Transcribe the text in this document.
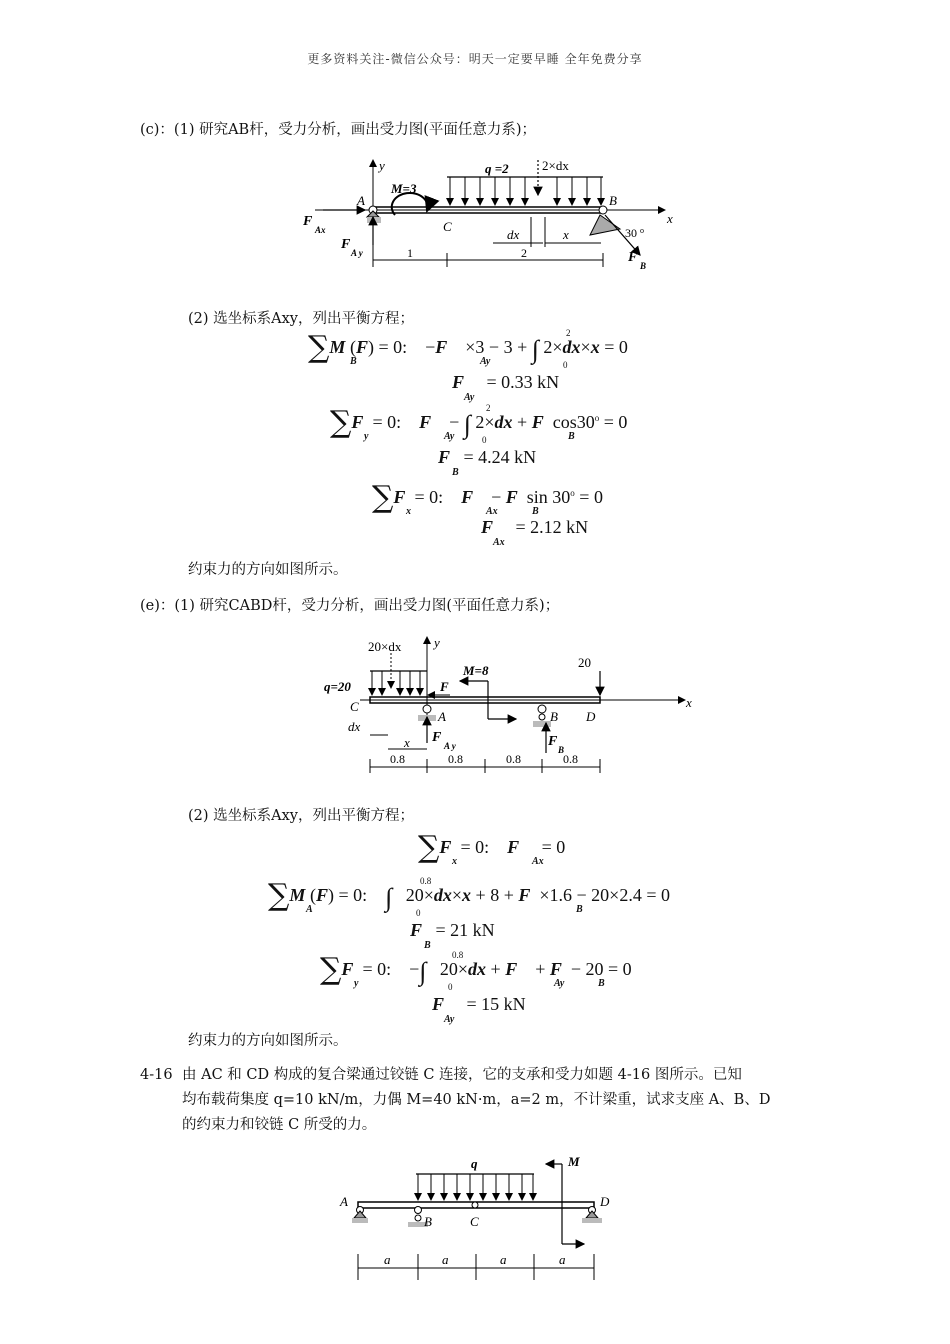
更多资料关注-微信公众号：明天一定要早睡 全年免费分享
(c)：(1) 研究AB杆，受力分析，画出受力图(平面任意力系)；
y	q =2	2×dx
M=3
A	B
C
x
F
Ax
F
A y
dx	x	30 o
F
B
1	2
(2) 选坐标系Axy，列出平衡方程；
∑M (F) = 0:    −F    ×3 − 3 + ∫ 2×dx×x = 0
B	Ay
2
0
F     = 0.33 kN
Ay
∑F  = 0:    F    − ∫ 2×dx + F  $\cos 30^o = 0$
y	Ay
2
0	B
F   = 4.24 kN
B
∑F  = 0:    F    − F  $\sin 30^o = 0$
x	Ax	B
F     = 2.12 kN
Ax
约束力的方向如图所示。
(e)：(1) 研究CABD杆，受力分析，画出受力图(平面任意力系)；
20×dx	y
M=8
20
q=20	F
C
A	B D
x
dx
x F
A y	F
B
0.8	0.8	0.8	0.8
(2) 选坐标系Axy，列出平衡方程；
∑F  = 0:    F     = 0
x	Ax
∑M (F) = 0:    ∫   20×dx×x + 8 + F  ×1.6 − 20×2.4 = 0
A
0.8
0	B
F   = 21 kN
B
∑F  = 0:    −∫   20×dx + F    + F  − 20 = 0
y
0.8
0	Ay	B
F     = 15 kN
Ay
约束力的方向如图所示。
4-16 由 AC 和 CD 构成的复合梁通过铰链 C 连接，它的支承和受力如题 4-16 图所示。已知
均布载荷集度 q=10 kN/m，力偶 M=40 kN·m，a=2 m，不计梁重，试求支座 A、B、D
的约束力和铰链 C 所受的力。
q	M
A
B	C
D
a	a	a	a
